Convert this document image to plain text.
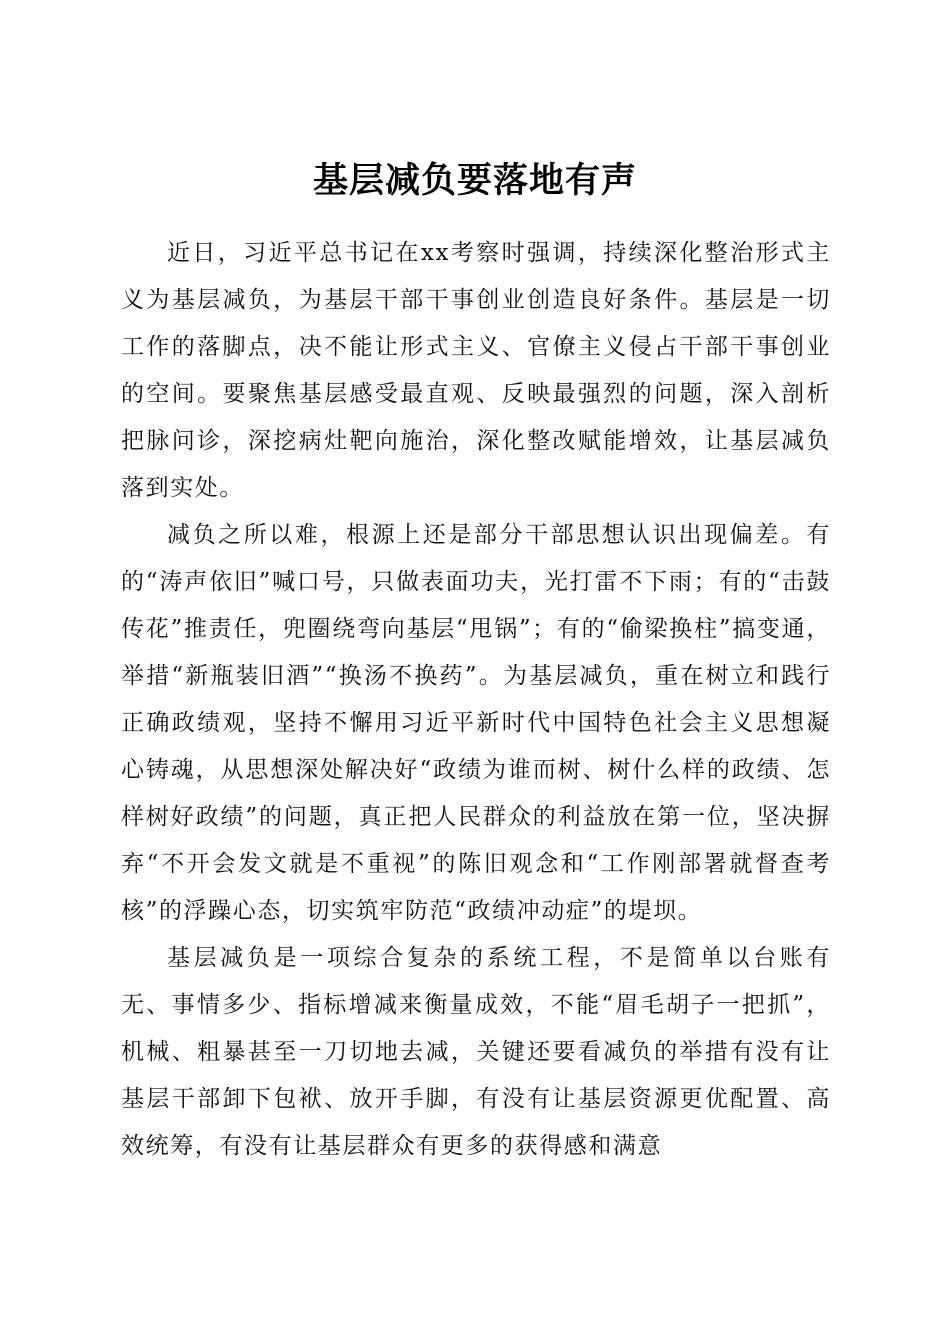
基层减负要落地有声

近日，习近平总书记在xx考察时强调，持续深化整治形式主义为基层减负，为基层干部干事创业创造良好条件。基层是一切工作的落脚点，决不能让形式主义、官僚主义侵占干部干事创业的空间。要聚焦基层感受最直观、反映最强烈的问题，深入剖析把脉问诊，深挖病灶靶向施治，深化整改赋能增效，让基层减负落到实处。

减负之所以难，根源上还是部分干部思想认识出现偏差。有的“涛声依旧”喊口号，只做表面功夫，光打雷不下雨；有的“击鼓传花”推责任，兜圈绕弯向基层“甩锅”；有的“偷梁换柱”搞变通，举措“新瓶装旧酒”“换汤不换药”。为基层减负，重在树立和践行正确政绩观，坚持不懈用习近平新时代中国特色社会主义思想凝心铸魂，从思想深处解决好“政绩为谁而树、树什么样的政绩、怎样树好政绩”的问题，真正把人民群众的利益放在第一位，坚决摒弃“不开会发文就是不重视”的陈旧观念和“工作刚部署就督查考核”的浮躁心态，切实筑牢防范“政绩冲动症”的堤坝。

基层减负是一项综合复杂的系统工程，不是简单以台账有无、事情多少、指标增减来衡量成效，不能“眉毛胡子一把抓”，机械、粗暴甚至一刀切地去减，关键还要看减负的举措有没有让基层干部卸下包袱、放开手脚，有没有让基层资源更优配置、高效统筹，有没有让基层群众有更多的获得感和满意
